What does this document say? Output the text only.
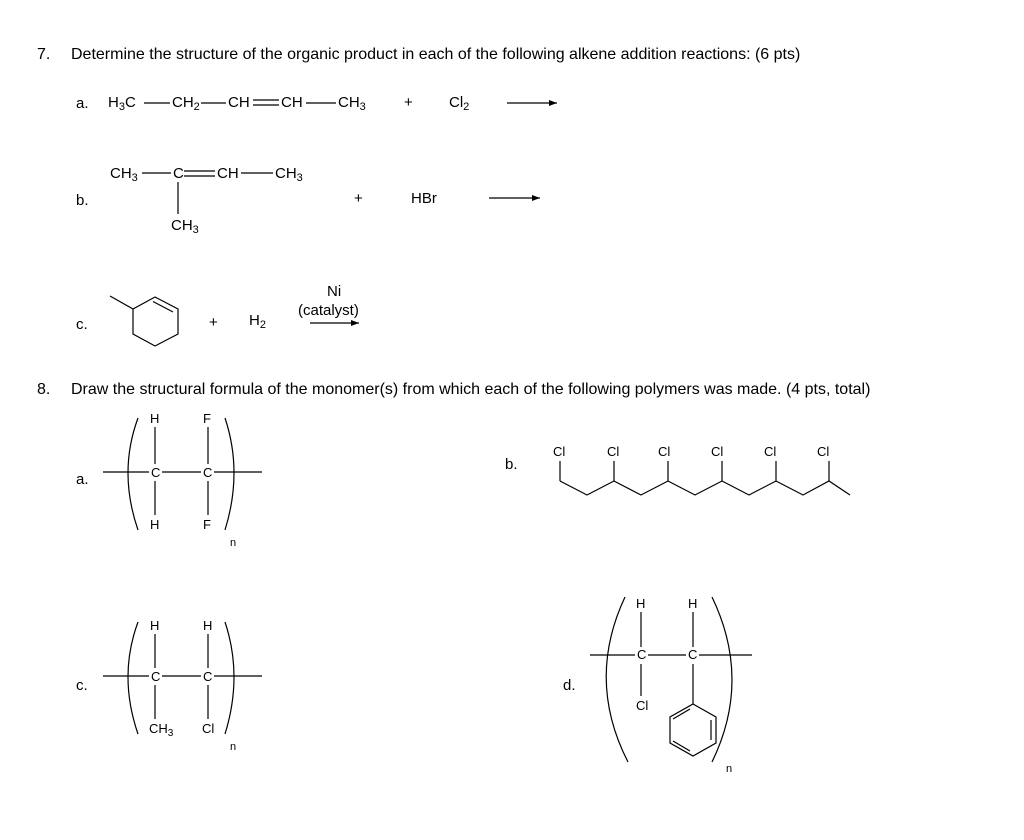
7. Determine the structure of the organic product in each of the following alkene addition reactions: (6 pts)
a. $H_3C$ $CH_2$ CH CH $CH_3$	+ $Cl_2$
b.
$CH_3$ C CH $CH_3$
$CH_3$
+	HBr
c.	+ $H_2$
Ni
(catalyst)
8. Draw the structural formula of the monomer(s) from which each of the following polymers was made. (4 pts, total)
a.
H	F
C	C
H	F
n
b.
Cl	Cl	Cl	Cl	Cl	Cl
c.
H	H
C	C
$CH_3$ Cl
n
d.
H	H
C	C
Cl
n
